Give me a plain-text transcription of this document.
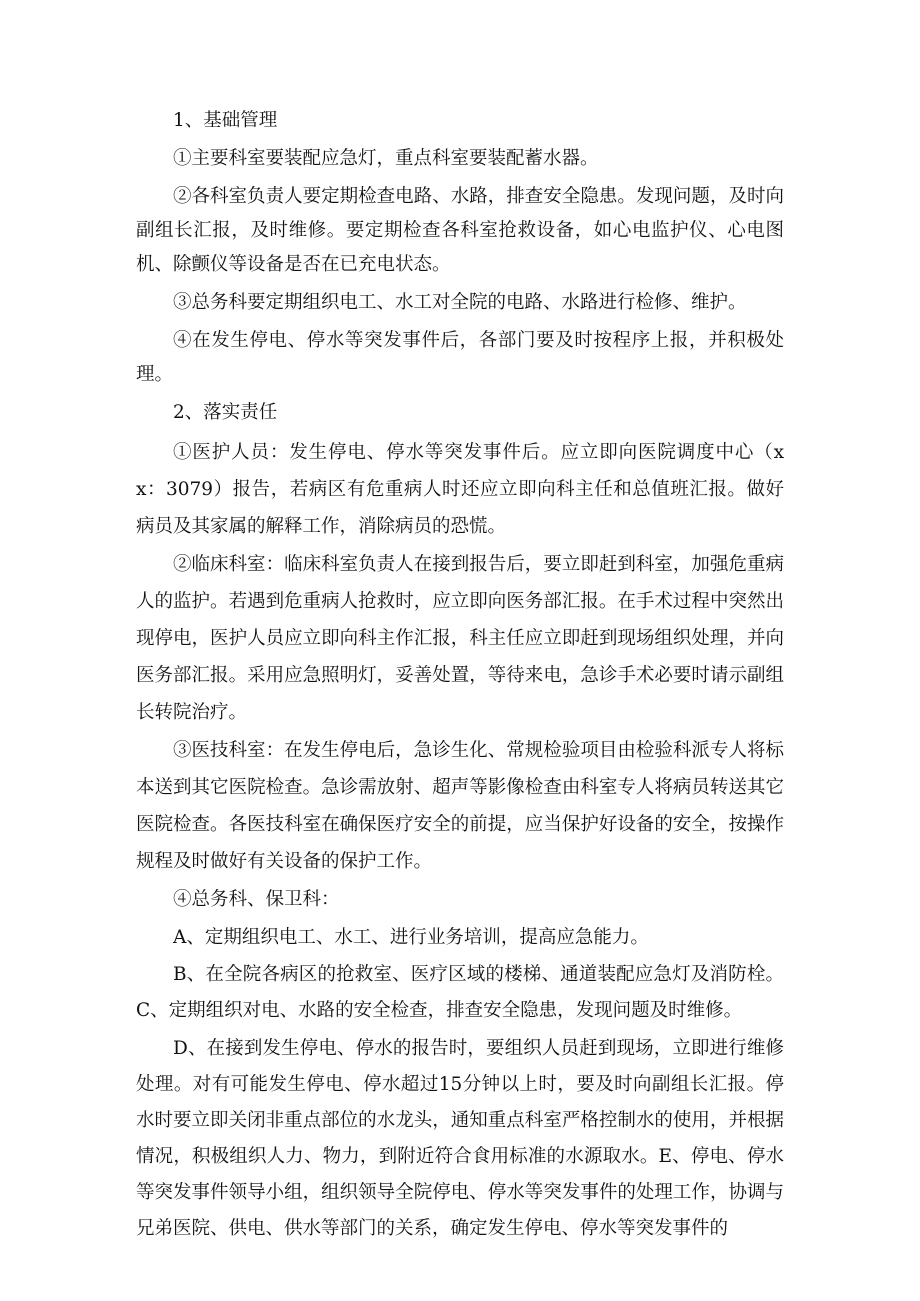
1、基础管理

①主要科室要装配应急灯，重点科室要装配蓄水器。

②各科室负责人要定期检查电路、水路，排查安全隐患。发现问题，及时向副组长汇报，及时维修。要定期检查各科室抢救设备，如心电监护仪、心电图机、除颤仪等设备是否在已充电状态。

③总务科要定期组织电工、水工对全院的电路、水路进行检修、维护。

④在发生停电、停水等突发事件后，各部门要及时按程序上报，并积极处理。

2、落实责任

①医护人员：发生停电、停水等突发事件后。应立即向医院调度中心（xx：3079）报告，若病区有危重病人时还应立即向科主任和总值班汇报。做好病员及其家属的解释工作，消除病员的恐慌。

②临床科室：临床科室负责人在接到报告后，要立即赶到科室，加强危重病人的监护。若遇到危重病人抢救时，应立即向医务部汇报。在手术过程中突然出现停电，医护人员应立即向科主作汇报，科主任应立即赶到现场组织处理，并向医务部汇报。采用应急照明灯，妥善处置，等待来电，急诊手术必要时请示副组长转院治疗。

③医技科室：在发生停电后，急诊生化、常规检验项目由检验科派专人将标本送到其它医院检查。急诊需放射、超声等影像检查由科室专人将病员转送其它医院检查。各医技科室在确保医疗安全的前提，应当保护好设备的安全，按操作规程及时做好有关设备的保护工作。

④总务科、保卫科：

A、定期组织电工、水工、进行业务培训，提高应急能力。

B、在全院各病区的抢救室、医疗区域的楼梯、通道装配应急灯及消防栓。C、定期组织对电、水路的安全检查，排查安全隐患，发现问题及时维修。

D、在接到发生停电、停水的报告时，要组织人员赶到现场，立即进行维修处理。对有可能发生停电、停水超过15分钟以上时，要及时向副组长汇报。停水时要立即关闭非重点部位的水龙头，通知重点科室严格控制水的使用，并根据情况，积极组织人力、物力，到附近符合食用标准的水源取水。E、停电、停水等突发事件领导小组，组织领导全院停电、停水等突发事件的处理工作，协调与兄弟医院、供电、供水等部门的关系，确定发生停电、停水等突发事件的
